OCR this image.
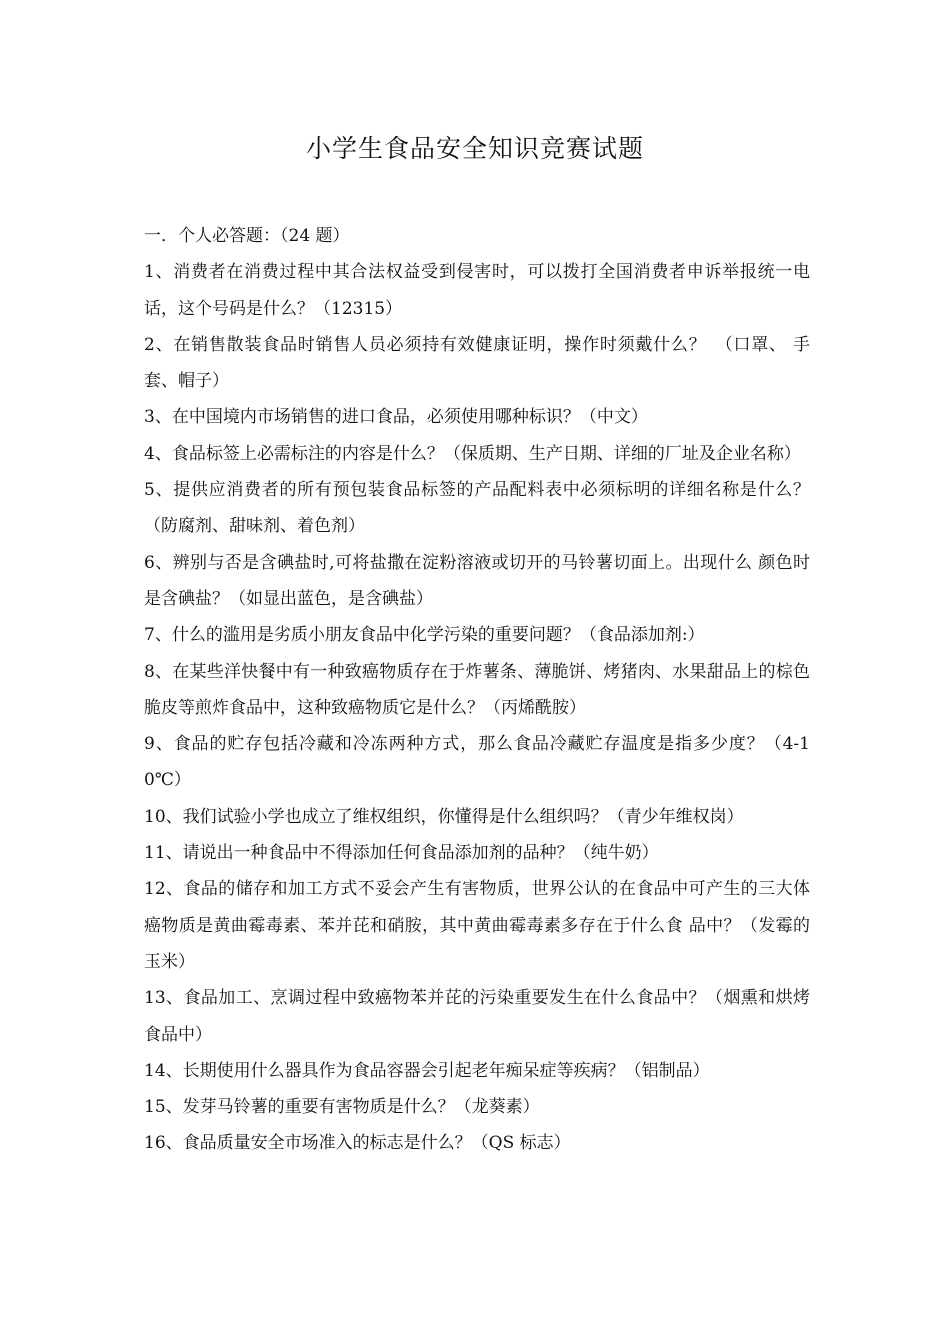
小学生食品安全知识竞赛试题

一．个人必答题：（24 题）

1、消费者在消费过程中其合法权益受到侵害时，可以拨打全国消费者申诉举报统一电话，这个号码是什么？（12315）

2、在销售散装食品时销售人员必须持有效健康证明，操作时须戴什么？　（口罩、 手套、帽子）

3、在中国境内市场销售的进口食品，必须使用哪种标识？（中文）

4、食品标签上必需标注的内容是什么？（保质期、生产日期、详细的厂址及企业名称）

5、提供应消费者的所有预包装食品标签的产品配料表中必须标明的详细名称是什么？（防腐剂、甜味剂、着色剂）

6、辨别与否是含碘盐时,可将盐撒在淀粉溶液或切开的马铃薯切面上。出现什么 颜色时是含碘盐？（如显出蓝色，是含碘盐）

7、什么的滥用是劣质小朋友食品中化学污染的重要问题？（食品添加剂:）

8、在某些洋快餐中有一种致癌物质存在于炸薯条、薄脆饼、烤猪肉、水果甜品上的棕色脆皮等煎炸食品中，这种致癌物质它是什么？（丙烯酰胺）

9、食品的贮存包括冷藏和冷冻两种方式，那么食品冷藏贮存温度是指多少度？（4-10℃）

10、我们试验小学也成立了维权组织，你懂得是什么组织吗？（青少年维权岗）

11、请说出一种食品中不得添加任何食品添加剂的品种？（纯牛奶）

12、食品的储存和加工方式不妥会产生有害物质，世界公认的在食品中可产生的三大体癌物质是黄曲霉毒素、苯并芘和硝胺，其中黄曲霉毒素多存在于什么食 品中？（发霉的玉米）

13、食品加工、烹调过程中致癌物苯并芘的污染重要发生在什么食品中？（烟熏和烘烤食品中）

14、长期使用什么器具作为食品容器会引起老年痴呆症等疾病？（铝制品）

15、发芽马铃薯的重要有害物质是什么？（龙葵素）

16、食品质量安全市场准入的标志是什么？（QS 标志）
